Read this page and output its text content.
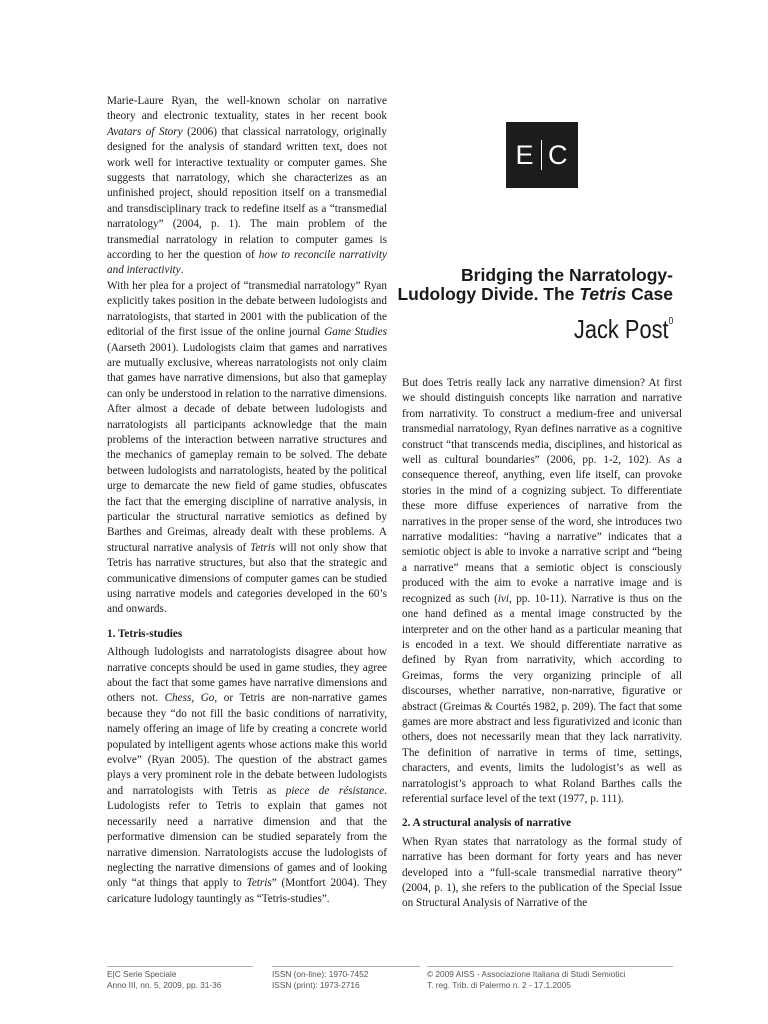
E C
Bridging the Narratology-
Ludology Divide. The Tetris Case
Jack Post$^0$

Marie-Laure Ryan, the well-known scholar on narrative theory and electronic textuality, states in her recent book Avatars of Story (2006) that classical narratology, originally designed for the analysis of standard written text, does not work well for interactive textuality or computer games. She suggests that narratology, which she characterizes as an unfinished project, should reposition itself on a transmedial and transdisciplinary track to redefine itself as a “transmedial narratology” (2004, p. 1). The main problem of the transmedial narratology in relation to computer games is according to her the question of how to reconcile narrativity and interactivity.

With her plea for a project of “transmedial narratology” Ryan explicitly takes position in the debate between ludologists and narratologists, that started in 2001 with the publication of the editorial of the first issue of the online journal Game Studies (Aarseth 2001). Ludologists claim that games and narratives are mutually exclusive, whereas narratologists not only claim that games have narrative dimensions, but also that gameplay can only be understood in relation to the narrative dimensions. After almost a decade of debate between ludologists and narratologists all participants acknowledge that the main problems of the interaction between narrative structures and the mechanics of gameplay remain to be solved. The debate between ludologists and narratologists, heated by the political urge to demarcate the new field of game studies, obfuscates the fact that the emerging discipline of narrative analysis, in particular the structural narrative semiotics as defined by Barthes and Greimas, already dealt with these problems. A structural narrative analysis of Tetris will not only show that Tetris has narrative structures, but also that the strategic and communicative dimensions of computer games can be studied using narrative models and categories developed in the 60’s and onwards.

1. Tetris-studies

Although ludologists and narratologists disagree about how narrative concepts should be used in game studies, they agree about the fact that some games have narrative dimensions and others not. Chess, Go, or Tetris are non-narrative games because they “do not fill the basic conditions of narrativity, namely offering an image of life by creating a concrete world populated by intelligent agents whose actions make this world evolve” (Ryan 2005). The question of the abstract games plays a very prominent role in the debate between ludologists and narratologists with Tetris as piece de résistance. Ludologists refer to Tetris to explain that games not necessarily need a narrative dimension and that the performative dimension can be studied separately from the narrative dimension. Narratologists accuse the ludologists of neglecting the narrative dimensions of games and of looking only “at things that apply to Tetris” (Montfort 2004). They caricature ludology tauntingly as “Tetris-studies”.

But does Tetris really lack any narrative dimension? At first we should distinguish concepts like narration and narrative from narrativity. To construct a medium-free and universal transmedial narratology, Ryan defines narrative as a cognitive construct “that transcends media, disciplines, and historical as well as cultural boundaries” (2006, pp. 1-2, 102). As a consequence thereof, anything, even life itself, can provoke stories in the mind of a cognizing subject. To differentiate these more diffuse experiences of narrative from the narratives in the proper sense of the word, she introduces two narrative modalities: “having a narrative” indicates that a semiotic object is able to invoke a narrative script and “being a narrative” means that a semiotic object is consciously produced with the aim to evoke a narrative image and is recognized as such (ivi, pp. 10-11). Narrative is thus on the one hand defined as a mental image constructed by the interpreter and on the other hand as a particular meaning that is encoded in a text. We should differentiate narrative as defined by Ryan from narrativity, which according to Greimas, forms the very organizing principle of all discourses, whether narrative, non-narrative, figurative or abstract (Greimas & Courtés 1982, p. 209). The fact that some games are more abstract and less figurativized and iconic than others, does not necessarily mean that they lack narrativity. The definition of narrative in terms of time, settings, characters, and events, limits the ludologist’s as well as narratologist’s approach to what Roland Barthes calls the referential surface level of the text (1977, p. 111).

2. A structural analysis of narrative

When Ryan states that narratology as the formal study of narrative has been dormant for forty years and has never developed into a “full-scale transmedial narrative theory” (2004, p. 1), she refers to the publication of the Special Issue on Structural Analysis of Narrative of the

E|C Serie Speciale
Anno III, nn. 5, 2009, pp. 31-36
ISSN (on-line): 1970-7452
ISSN (print): 1973-2716
© 2009 AISS - Associazione Italiana di Studi Semiotici
T. reg. Trib. di Palermo n. 2 - 17.1.2005
